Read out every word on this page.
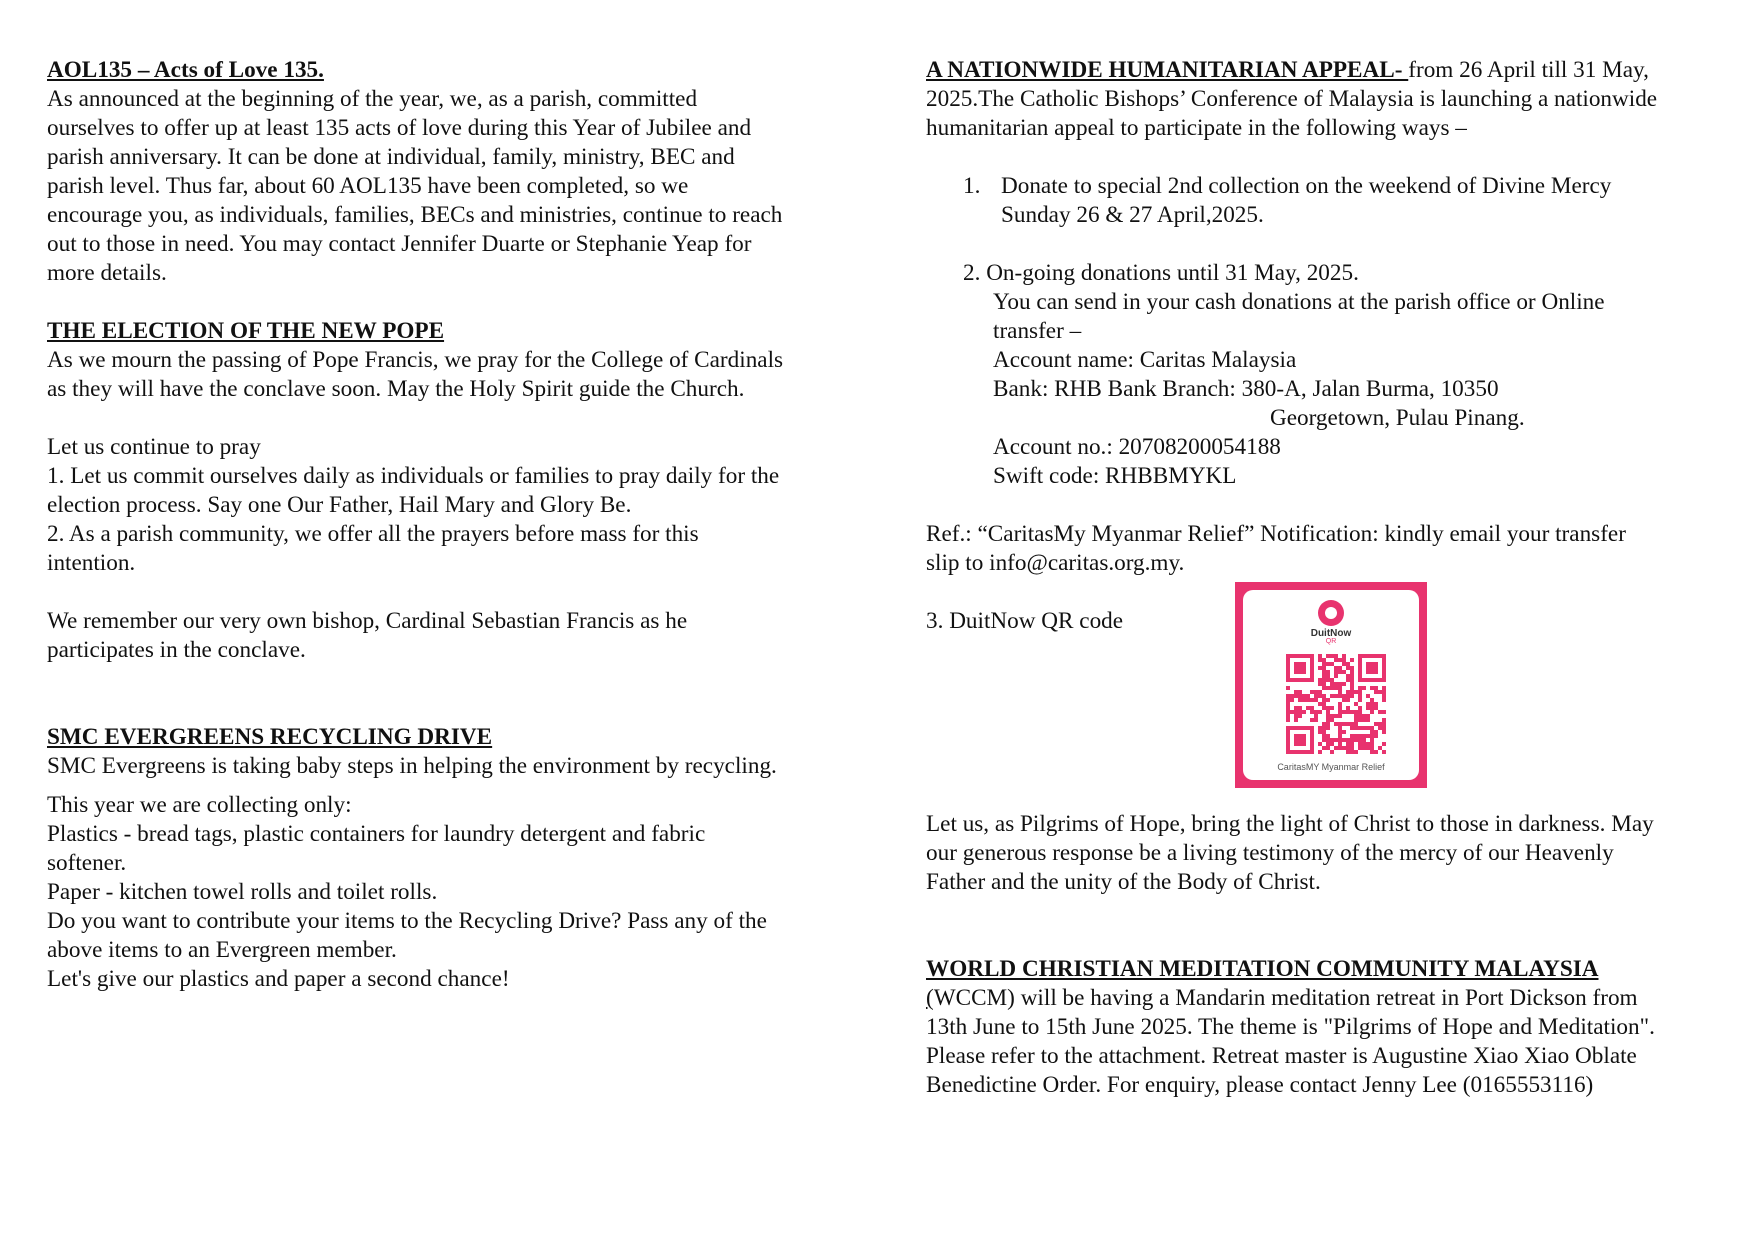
AOL135 – Acts of Love 135.
As announced at the beginning of the year, we, as a parish, committed
ourselves to offer up at least 135 acts of love during this Year of Jubilee and
parish anniversary. It can be done at individual, family, ministry, BEC and
parish level. Thus far, about 60 AOL135 have been completed, so we
encourage you, as individuals, families, BECs and ministries, continue to reach
out to those in need. You may contact Jennifer Duarte or Stephanie Yeap for
more details.
THE ELECTION OF THE NEW POPE
As we mourn the passing of Pope Francis, we pray for the College of Cardinals
as they will have the conclave soon. May the Holy Spirit guide the Church.
Let us continue to pray
1. Let us commit ourselves daily as individuals or families to pray daily for the
election process. Say one Our Father, Hail Mary and Glory Be.
2. As a parish community, we offer all the prayers before mass for this
intention.
We remember our very own bishop, Cardinal Sebastian Francis as he
participates in the conclave.
SMC EVERGREENS RECYCLING DRIVE
SMC Evergreens is taking baby steps in helping the environment by recycling.
This year we are collecting only:
Plastics - bread tags, plastic containers for laundry detergent and fabric
softener.
Paper - kitchen towel rolls and toilet rolls.
Do you want to contribute your items to the Recycling Drive? Pass any of the
above items to an Evergreen member.
Let's give our plastics and paper a second chance!
A NATIONWIDE HUMANITARIAN APPEAL- from 26 April till 31 May,
2025.The Catholic Bishops’ Conference of Malaysia is launching a nationwide
humanitarian appeal to participate in the following ways –
1. Donate to special 2nd collection on the weekend of Divine Mercy
Sunday 26 & 27 April,2025.
2. On-going donations until 31 May, 2025.
You can send in your cash donations at the parish office or Online
transfer –
Account name: Caritas Malaysia
Bank: RHB Bank Branch: 380-A, Jalan Burma, 10350
Georgetown, Pulau Pinang.
Account no.: 20708200054188
Swift code: RHBBMYKL
Ref.: “CaritasMy Myanmar Relief” Notification: kindly email your transfer
slip to info@caritas.org.my.
3. DuitNow QR code	DuitNow
QR
CaritasMY Myanmar Relief
Let us, as Pilgrims of Hope, bring the light of Christ to those in darkness. May
our generous response be a living testimony of the mercy of our Heavenly
Father and the unity of the Body of Christ.
WORLD CHRISTIAN MEDITATION COMMUNITY MALAYSIA
(WCCM) will be having a Mandarin meditation retreat in Port Dickson from
13th June to 15th June 2025. The theme is "Pilgrims of Hope and Meditation".
Please refer to the attachment. Retreat master is Augustine Xiao Xiao Oblate
Benedictine Order. For enquiry, please contact Jenny Lee (0165553116)
